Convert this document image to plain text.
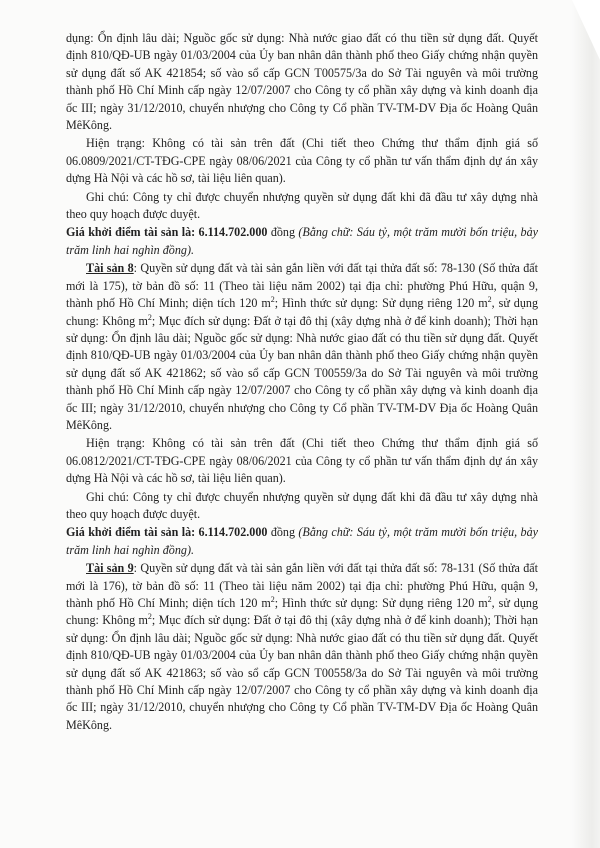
dụng: Ổn định lâu dài; Nguồc gốc sử dụng: Nhà nước giao đất có thu tiền sử dụng đất. Quyết định 810/QĐ-UB ngày 01/03/2004 của Ủy ban nhân dân thành phố theo Giấy chứng nhận quyền sử dụng đất số AK 421854; số vào sổ cấp GCN T00575/3a do Sở Tài nguyên và môi trường thành phố Hồ Chí Minh cấp ngày 12/07/2007 cho Công ty cổ phần xây dựng và kinh doanh địa ốc III; ngày 31/12/2010, chuyển nhượng cho Công ty Cổ phần TV-TM-DV Địa ốc Hoàng Quân MêKông.

Hiện trạng: Không có tài sản trên đất (Chi tiết theo Chứng thư thẩm định giá số 06.0809/2021/CT-TĐG-CPE ngày 08/06/2021 của Công ty cổ phần tư vấn thẩm định dự án xây dựng Hà Nội và các hồ sơ, tài liệu liên quan).

Ghi chú: Công ty chỉ được chuyển nhượng quyền sử dụng đất khi đã đầu tư xây dựng nhà theo quy hoạch được duyệt.

Giá khởi điểm tài sản là: 6.114.702.000 đồng (Bằng chữ: Sáu tỷ, một trăm mười bốn triệu, bảy trăm linh hai nghìn đồng).

Tài sản 8: Quyền sử dụng đất và tài sản gắn liền với đất tại thửa đất số: 78-130 (Số thửa đất mới là 175), tờ bản đồ số: 11 (Theo tài liệu năm 2002) tại địa chỉ: phường Phú Hữu, quận 9, thành phố Hồ Chí Minh; diện tích 120 $m^2$; Hình thức sử dụng: Sử dụng riêng 120 $m^2$, sử dụng chung: Không $m^2$; Mục đích sử dụng: Đất ở tại đô thị (xây dựng nhà ở để kinh doanh); Thời hạn sử dụng: Ổn định lâu dài; Nguồc gốc sử dụng: Nhà nước giao đất có thu tiền sử dụng đất. Quyết định 810/QĐ-UB ngày 01/03/2004 của Ủy ban nhân dân thành phố theo Giấy chứng nhận quyền sử dụng đất số AK 421862; số vào sổ cấp GCN T00559/3a do Sở Tài nguyên và môi trường thành phố Hồ Chí Minh cấp ngày 12/07/2007 cho Công ty cổ phần xây dựng và kinh doanh địa ốc III; ngày 31/12/2010, chuyển nhượng cho Công ty Cổ phần TV-TM-DV Địa ốc Hoàng Quân MêKông.

Hiện trạng: Không có tài sản trên đất (Chi tiết theo Chứng thư thẩm định giá số 06.0812/2021/CT-TĐG-CPE ngày 08/06/2021 của Công ty cổ phần tư vấn thẩm định dự án xây dựng Hà Nội và các hồ sơ, tài liệu liên quan).

Ghi chú: Công ty chỉ được chuyển nhượng quyền sử dụng đất khi đã đầu tư xây dựng nhà theo quy hoạch được duyệt.

Giá khởi điểm tài sản là: 6.114.702.000 đồng (Bằng chữ: Sáu tỷ, một trăm mười bốn triệu, bảy trăm linh hai nghìn đồng).

Tài sản 9: Quyền sử dụng đất và tài sản gắn liền với đất tại thửa đất số: 78-131 (Số thửa đất mới là 176), tờ bản đồ số: 11 (Theo tài liệu năm 2002) tại địa chỉ: phường Phú Hữu, quận 9, thành phố Hồ Chí Minh; diện tích 120 $m^2$; Hình thức sử dụng: Sử dụng riêng 120 $m^2$, sử dụng chung: Không $m^2$; Mục đích sử dụng: Đất ở tại đô thị (xây dựng nhà ở để kinh doanh); Thời hạn sử dụng: Ổn định lâu dài; Nguồc gốc sử dụng: Nhà nước giao đất có thu tiền sử dụng đất. Quyết định 810/QĐ-UB ngày 01/03/2004 của Ủy ban nhân dân thành phố theo Giấy chứng nhận quyền sử dụng đất số AK 421863; số vào sổ cấp GCN T00558/3a do Sở Tài nguyên và môi trường thành phố Hồ Chí Minh cấp ngày 12/07/2007 cho Công ty cổ phần xây dựng và kinh doanh địa ốc III; ngày 31/12/2010, chuyển nhượng cho Công ty Cổ phần TV-TM-DV Địa ốc Hoàng Quân MêKông.
